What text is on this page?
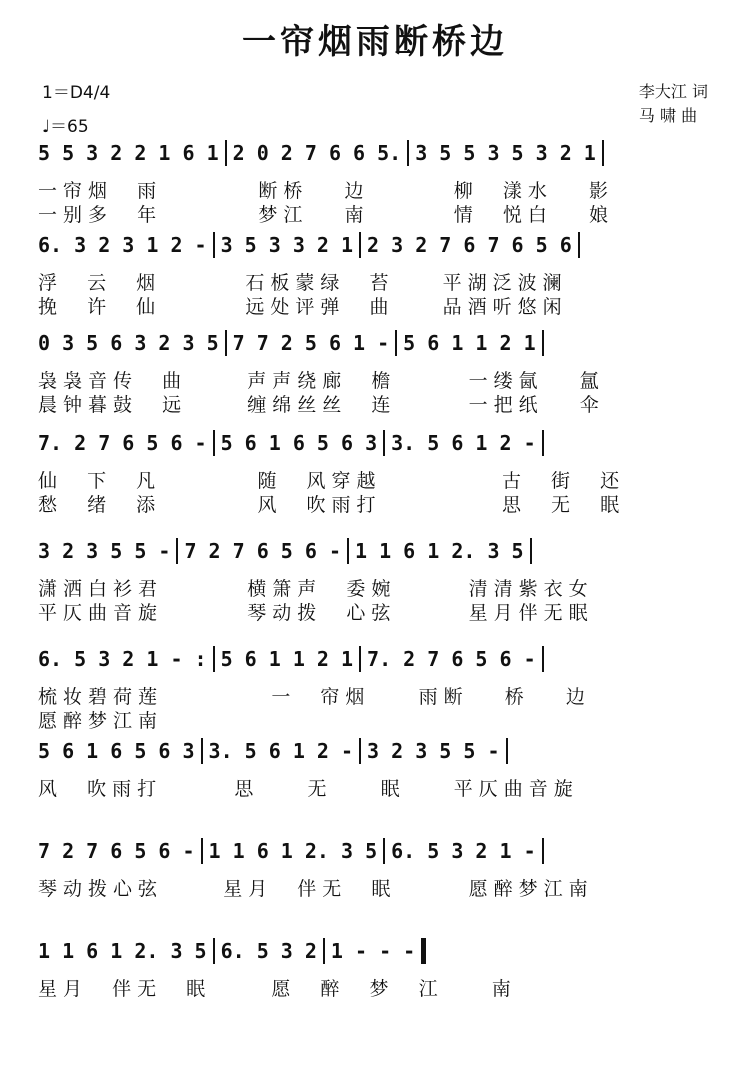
一帘烟雨断桥边
1＝D4/4
♩＝65
李大江 词
马 啸 曲
5 5 3 2 2 1 6 1 2 0 2 7 6 6 5. 3 5 5 3 5 3 2 1
一帘烟  雨        断桥   边       柳  漾水   影
一别多  年        梦江   南       情  悦白   娘
6. 3 2 3 1 2 - 3 5 3 3 2 1 2 3 2 7 6 7 6 5 6
浮  云  烟       石板蒙绿  苔    平湖泛波澜
挽  许  仙       远处评弹  曲    品酒听悠闲
0 3 5 6 3 2 3 5 7 7 2 5 6 1 - 5 6 1 1 2 1
袅袅音传  曲     声声绕廊  檐      一缕氤   氲
晨钟暮鼓  远     缠绵丝丝  连      一把纸   伞
7. 2 7 6 5 6 - 5 6 1 6 5 6 3 3. 5 6 1 2 -
仙  下  凡        随  风穿越          古  街  还
愁  绪  添        风  吹雨打          思  无  眠
3 2 3 5 5 - 7 2 7 6 5 6 - 1 1 6 1 2. 3 5
潇洒白衫君       横箫声  委婉      清清紫衣女
平仄曲音旋       琴动拨  心弦      星月伴无眠
6. 5 3 2 1 - : 5 6 1 1 2 1 7. 2 7 6 5 6 -
梳妆碧荷莲         一  帘烟    雨断   桥   边
愿醉梦江南
5 6 1 6 5 6 3 3. 5 6 1 2 - 3 2 3 5 5 -
风  吹雨打      思    无    眠    平仄曲音旋
7 2 7 6 5 6 - 1 1 6 1 2. 3 5 6. 5 3 2 1 -
琴动拨心弦     星月  伴无  眠      愿醉梦江南
1 1 6 1 2. 3 5 6. 5 3 2 1 - - -
星月  伴无  眠     愿  醉  梦  江    南
